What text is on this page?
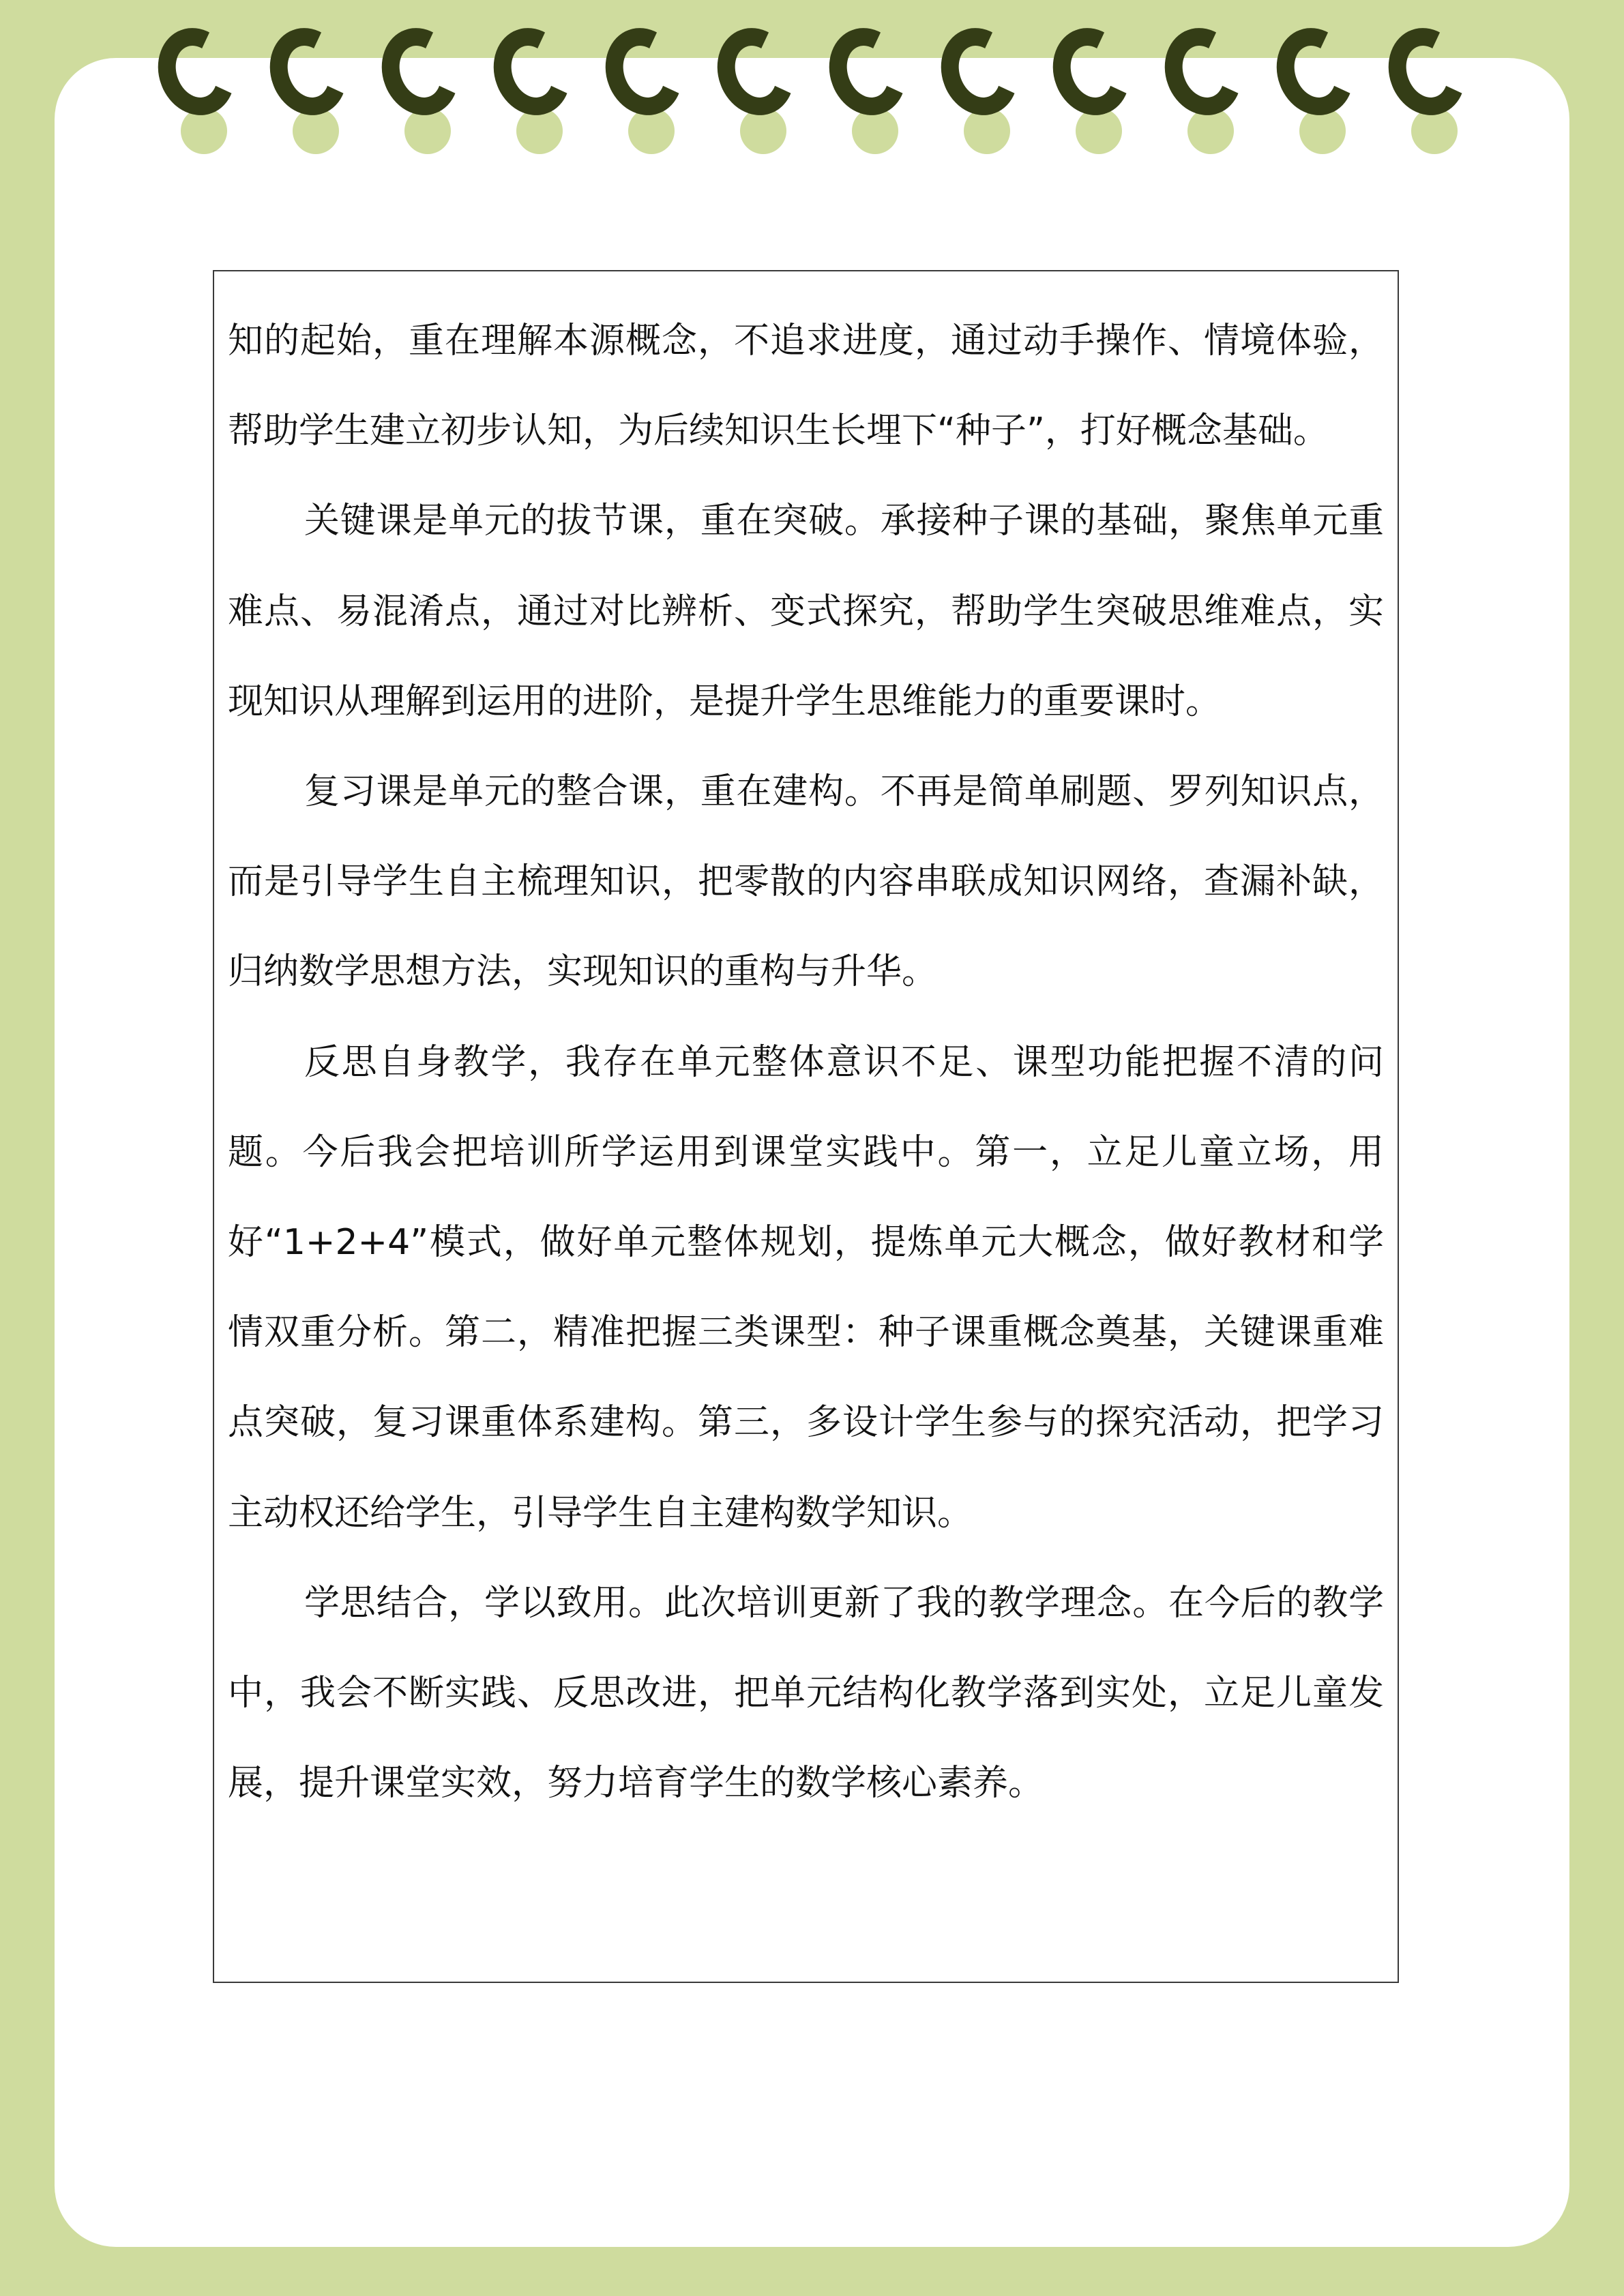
知的起始，重在理解本源概念，不追求进度，通过动手操作、情境体验，帮助学生建立初步认知，为后续知识生长埋下“种子”，打好概念基础。

关键课是单元的拔节课，重在突破。承接种子课的基础，聚焦单元重难点、易混淆点，通过对比辨析、变式探究，帮助学生突破思维难点，实现知识从理解到运用的进阶，是提升学生思维能力的重要课时。

复习课是单元的整合课，重在建构。不再是简单刷题、罗列知识点，而是引导学生自主梳理知识，把零散的内容串联成知识网络，查漏补缺，归纳数学思想方法，实现知识的重构与升华。

反思自身教学，我存在单元整体意识不足、课型功能把握不清的问题。今后我会把培训所学运用到课堂实践中。第一，立足儿童立场，用好“1+2+4”模式，做好单元整体规划，提炼单元大概念，做好教材和学情双重分析。第二，精准把握三类课型：种子课重概念奠基，关键课重难点突破，复习课重体系建构。第三，多设计学生参与的探究活动，把学习主动权还给学生，引导学生自主建构数学知识。

学思结合，学以致用。此次培训更新了我的教学理念。在今后的教学中，我会不断实践、反思改进，把单元结构化教学落到实处，立足儿童发展，提升课堂实效，努力培育学生的数学核心素养。
